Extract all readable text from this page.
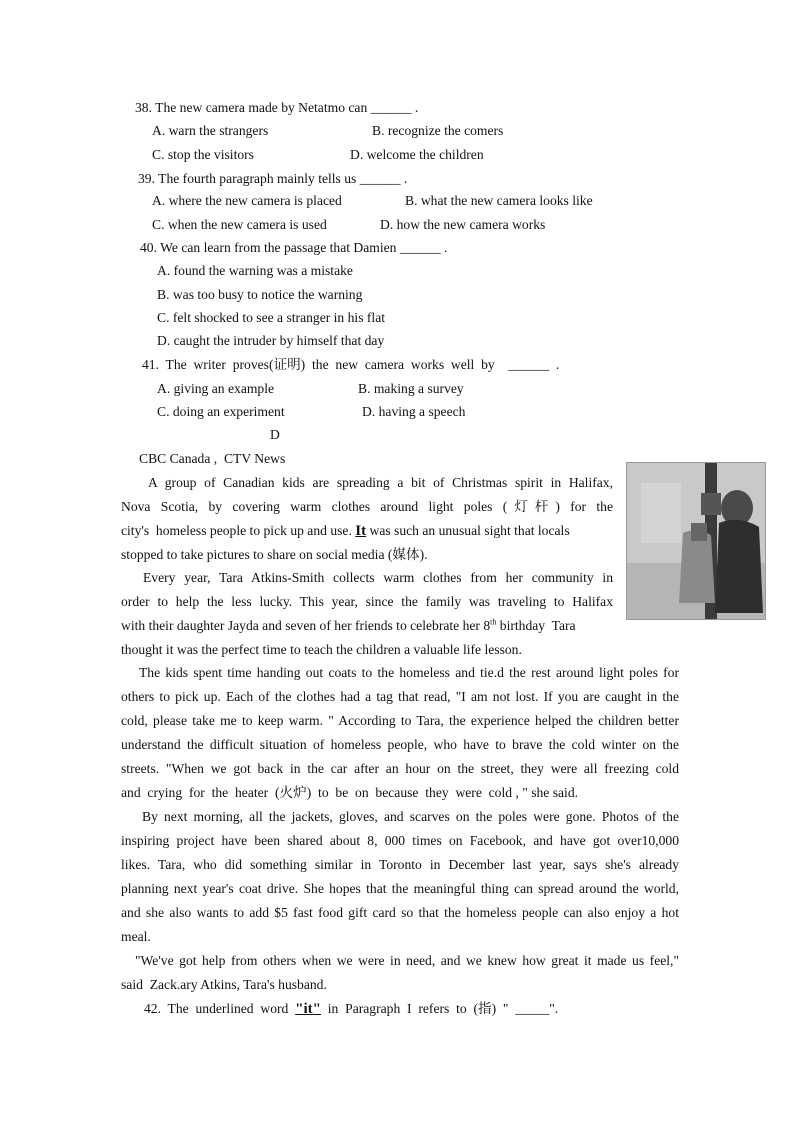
38. The new camera made by Netatmo can ______ .
A. warn the strangers	B. recognize the comers
C. stop the visitors	D. welcome the children
39. The fourth paragraph mainly tells us ______ .
A. where the new camera is placed	B. what the new camera looks like
C. when the new camera is used	D. how the new camera works
40. We can learn from the passage that Damien ______ .
A. found the warning was a mistake
B. was too busy to notice the warning
C. felt shocked to see a stranger in his flat
D. caught the intruder by himself that day
41.  The  writer  proves(证明)  the  new  camera  works  well  by    ______  .
A. giving an example	B. making a survey
C. doing an experiment	D. having a speech
D
CBC Canada ,  CTV News
A group of Canadian kids are spreading a bit of Christmas spirit in Halifax,
Nova Scotia, by covering warm clothes around light poles (灯杆) for the
city's  homeless people to pick up and use. It was such an unusual sight that locals
stopped to take pictures to share on social media (媒体).
Every year, Tara Atkins-Smith collects warm clothes from her community in
order to help the less lucky. This year, since the family was traveling to Halifax
with their daughter Jayda and seven of her friends to celebrate her 8th birthday  Tara
thought it was the perfect time to teach the children a valuable life lesson.
The kids spent time handing out coats to the homeless and tie.d the rest around light poles for
others to pick up. Each of the clothes had a tag that read, "I am not lost. If you are caught in the
cold, please take me to keep warm. " According to Tara, the experience helped the children better
understand the difficult situation of homeless people, who have to brave the cold winter on the
streets. "When we got back in the car after an hour on the street, they were all freezing cold
and  crying  for  the  heater  (火炉)  to  be  on  because  they  were  cold , " she said.
By next morning, all the jackets, gloves, and scarves on the poles were gone. Photos of the
inspiring project have been shared about 8, 000 times on Facebook, and have got over10,000
likes. Tara, who did something similar in Toronto in December last year, says she's already
planning next year's coat drive. She hopes that the meaningful thing can spread around the world,
and she also wants to add $5 fast food gift card so that the homeless people can also enjoy a hot
meal.
"We've got help from others when we were in need, and we knew how great it made us feel,"
said  Zack.ary Atkins, Tara's husband.
42.  The  underlined  word  "it"  in  Paragraph  I  refers  to  (指)  "  _____".
